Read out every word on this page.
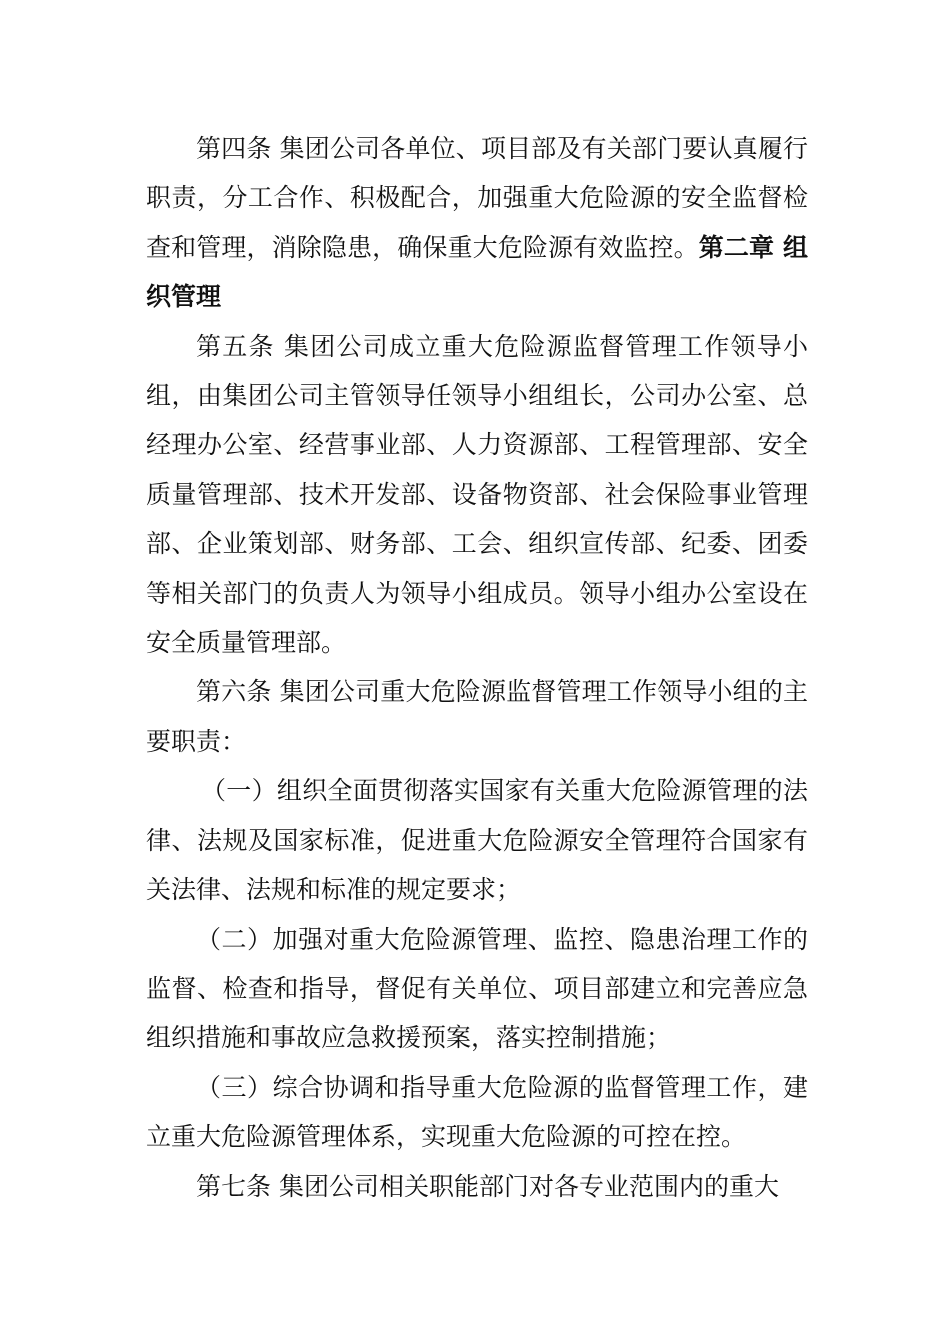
第四条 集团公司各单位、项目部及有关部门要认真履行职责，分工合作、积极配合，加强重大危险源的安全监督检查和管理，消除隐患，确保重大危险源有效监控。第二章 组织管理

第五条 集团公司成立重大危险源监督管理工作领导小组，由集团公司主管领导任领导小组组长，公司办公室、总经理办公室、经营事业部、人力资源部、工程管理部、安全质量管理部、技术开发部、设备物资部、社会保险事业管理部、企业策划部、财务部、工会、组织宣传部、纪委、团委等相关部门的负责人为领导小组成员。领导小组办公室设在安全质量管理部。

第六条 集团公司重大危险源监督管理工作领导小组的主要职责：

（一）组织全面贯彻落实国家有关重大危险源管理的法律、法规及国家标准，促进重大危险源安全管理符合国家有关法律、法规和标准的规定要求；

（二）加强对重大危险源管理、监控、隐患治理工作的监督、检查和指导，督促有关单位、项目部建立和完善应急组织措施和事故应急救援预案，落实控制措施；

（三）综合协调和指导重大危险源的监督管理工作，建立重大危险源管理体系，实现重大危险源的可控在控。

第七条 集团公司相关职能部门对各专业范围内的重大
